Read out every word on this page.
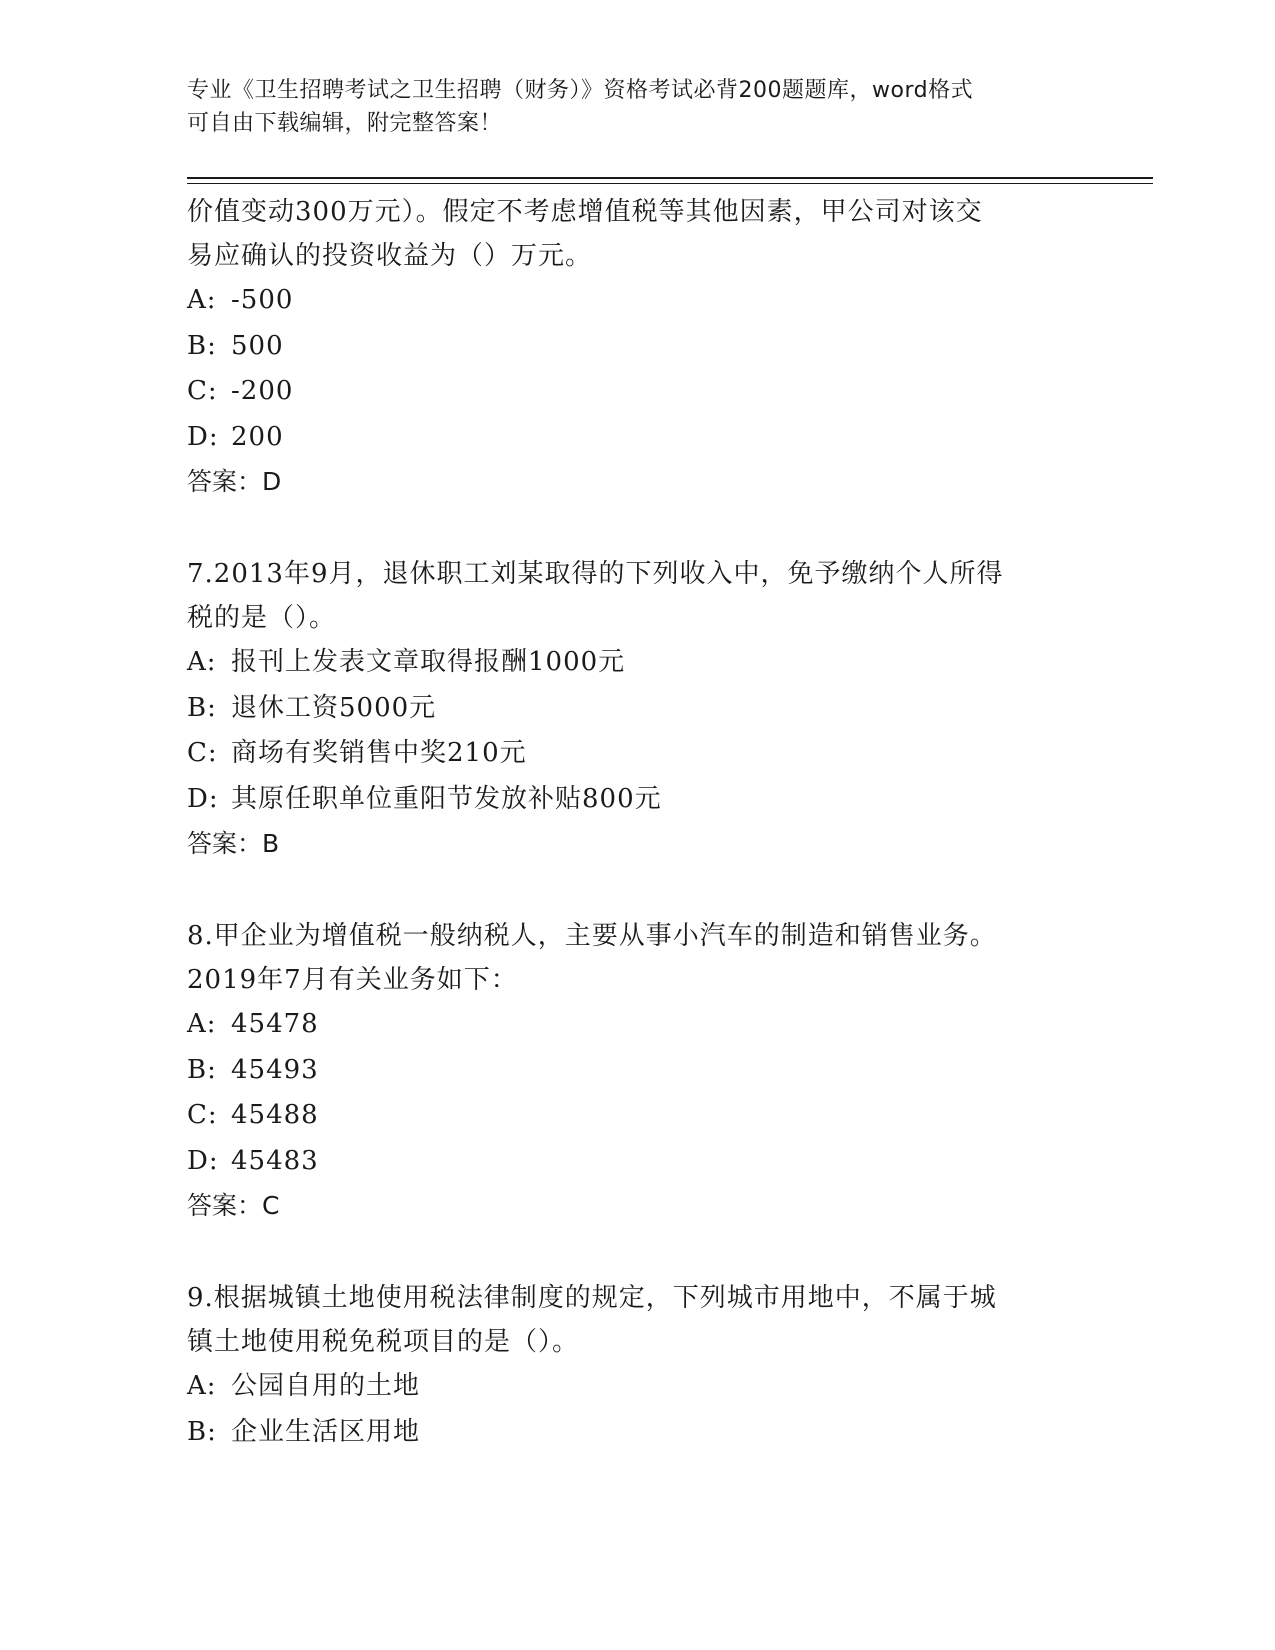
专业《卫生招聘考试之卫生招聘（财务）》资格考试必背200题题库，word格式
可自由下载编辑，附完整答案！
价值变动300万元）。假定不考虑增值税等其他因素，甲公司对该交
易应确认的投资收益为（）万元。
A: -500
B: 500
C: -200
D: 200
答案：D
7.2013年9月，退休职工刘某取得的下列收入中，免予缴纳个人所得
税的是（）。
A: 报刊上发表文章取得报酬1000元
B: 退休工资5000元
C: 商场有奖销售中奖210元
D: 其原任职单位重阳节发放补贴800元
答案：B
8.甲企业为增值税一般纳税人，主要从事小汽车的制造和销售业务。
2019年7月有关业务如下：
A: 45478
B: 45493
C: 45488
D: 45483
答案：C
9.根据城镇土地使用税法律制度的规定，下列城市用地中，不属于城
镇土地使用税免税项目的是（）。
A: 公园自用的土地
B: 企业生活区用地
